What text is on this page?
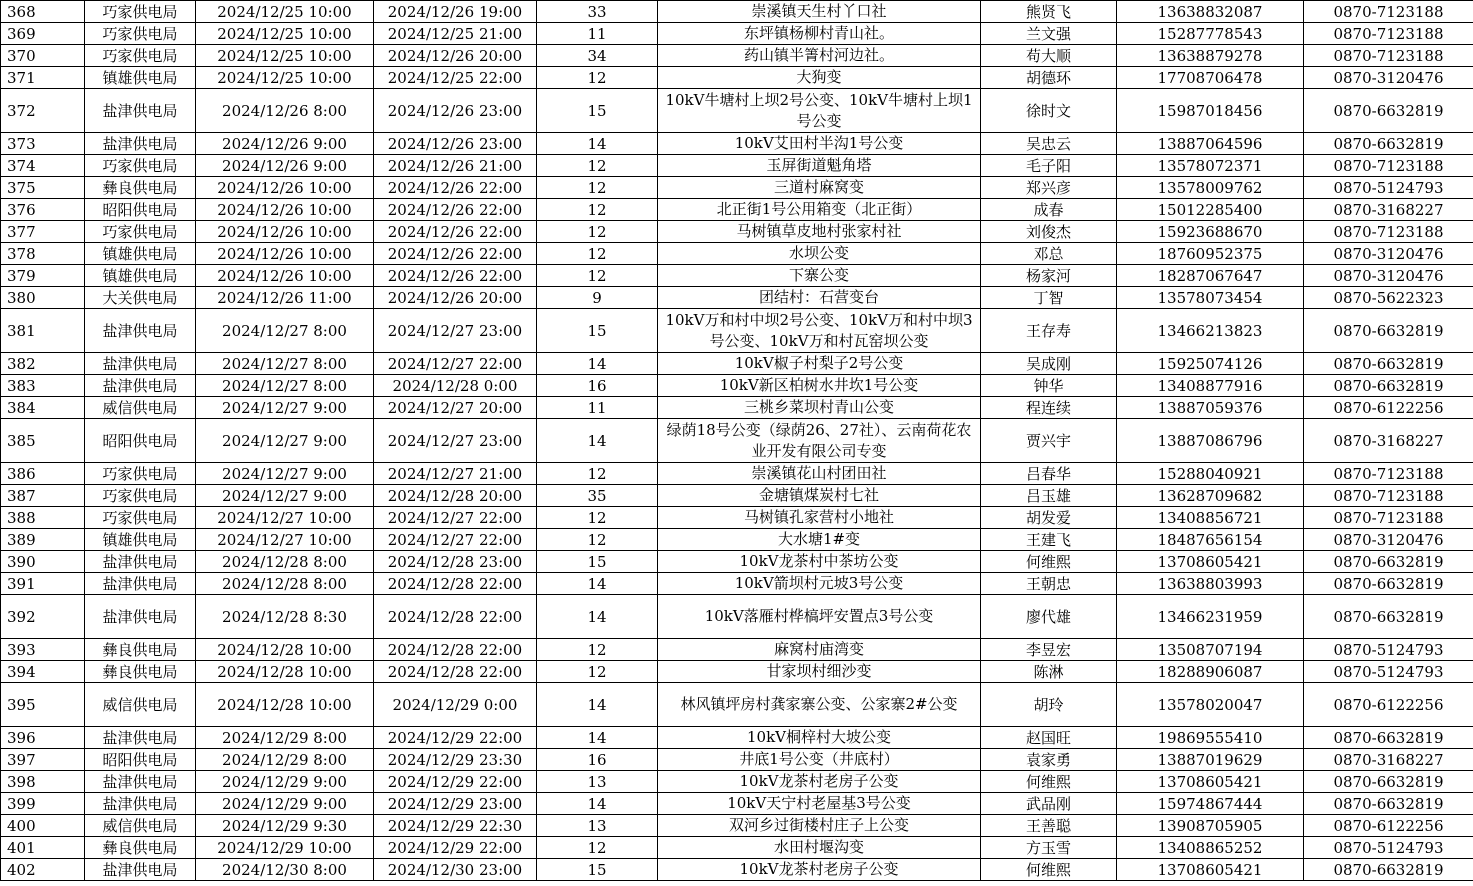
368	巧家供电局	2024/12/25 10:00	2024/12/26 19:00	33	崇溪镇天生村丫口社	熊贤飞	13638832087	0870-7123188
369	巧家供电局	2024/12/25 10:00	2024/12/25 21:00	11	东坪镇杨柳村青山社。	兰文强	15287778543	0870-7123188
370	巧家供电局	2024/12/25 10:00	2024/12/26 20:00	34	药山镇半箐村河边社。	苟大顺	13638879278	0870-7123188
371	镇雄供电局	2024/12/25 10:00	2024/12/25 22:00	12	大狗变	胡德环	17708706478	0870-3120476
372	盐津供电局	2024/12/26 8:00	2024/12/26 23:00	15	10kV牛塘村上坝2号公变、10kV牛塘村上坝1号公变	徐时文	15987018456	0870-6632819
373	盐津供电局	2024/12/26 9:00	2024/12/26 23:00	14	10kV艾田村半沟1号公变	吴忠云	13887064596	0870-6632819
374	巧家供电局	2024/12/26 9:00	2024/12/26 21:00	12	玉屏街道魁角塔	毛子阳	13578072371	0870-7123188
375	彝良供电局	2024/12/26 10:00	2024/12/26 22:00	12	三道村麻窝变	郑兴彦	13578009762	0870-5124793
376	昭阳供电局	2024/12/26 10:00	2024/12/26 22:00	12	北正街1号公用箱变（北正街）	成春	15012285400	0870-3168227
377	巧家供电局	2024/12/26 10:00	2024/12/26 22:00	12	马树镇草皮地村张家村社	刘俊杰	15923688670	0870-7123188
378	镇雄供电局	2024/12/26 10:00	2024/12/26 22:00	12	水坝公变	邓总	18760952375	0870-3120476
379	镇雄供电局	2024/12/26 10:00	2024/12/26 22:00	12	下寨公变	杨家河	18287067647	0870-3120476
380	大关供电局	2024/12/26 11:00	2024/12/26 20:00	9	团结村：石营变台	丁智	13578073454	0870-5622323
381	盐津供电局	2024/12/27 8:00	2024/12/27 23:00	15	10kV万和村中坝2号公变、10kV万和村中坝3号公变、10kV万和村瓦窑坝公变	王存寿	13466213823	0870-6632819
382	盐津供电局	2024/12/27 8:00	2024/12/27 22:00	14	10kV椒子村梨子2号公变	吴成刚	15925074126	0870-6632819
383	盐津供电局	2024/12/27 8:00	2024/12/28 0:00	16	10kV新区柏树水井坎1号公变	钟华	13408877916	0870-6632819
384	威信供电局	2024/12/27 9:00	2024/12/27 20:00	11	三桃乡菜坝村青山公变	程连续	13887059376	0870-6122256
385	昭阳供电局	2024/12/27 9:00	2024/12/27 23:00	14	绿荫18号公变（绿荫26、27社）、云南荷花农业开发有限公司专变	贾兴宇	13887086796	0870-3168227
386	巧家供电局	2024/12/27 9:00	2024/12/27 21:00	12	崇溪镇花山村团田社	吕春华	15288040921	0870-7123188
387	巧家供电局	2024/12/27 9:00	2024/12/28 20:00	35	金塘镇煤炭村七社	吕玉雄	13628709682	0870-7123188
388	巧家供电局	2024/12/27 10:00	2024/12/27 22:00	12	马树镇孔家营村小地社	胡发爱	13408856721	0870-7123188
389	镇雄供电局	2024/12/27 10:00	2024/12/27 22:00	12	大水塘1#变	王建飞	18487656154	0870-3120476
390	盐津供电局	2024/12/28 8:00	2024/12/28 23:00	15	10kV龙茶村中茶坊公变	何维熙	13708605421	0870-6632819
391	盐津供电局	2024/12/28 8:00	2024/12/28 22:00	14	10kV箭坝村元坡3号公变	王朝忠	13638803993	0870-6632819
392	盐津供电局	2024/12/28 8:30	2024/12/28 22:00	14	10kV落雁村桦槁坪安置点3号公变	廖代雄	13466231959	0870-6632819
393	彝良供电局	2024/12/28 10:00	2024/12/28 22:00	12	麻窝村庙湾变	李昱宏	13508707194	0870-5124793
394	彝良供电局	2024/12/28 10:00	2024/12/28 22:00	12	甘家坝村细沙变	陈淋	18288906087	0870-5124793
395	威信供电局	2024/12/28 10:00	2024/12/29 0:00	14	林风镇坪房村龚家寨公变、公家寨2#公变	胡玲	13578020047	0870-6122256
396	盐津供电局	2024/12/29 8:00	2024/12/29 22:00	14	10kV桐梓村大坡公变	赵国旺	19869555410	0870-6632819
397	昭阳供电局	2024/12/29 8:00	2024/12/29 23:30	16	井底1号公变（井底村）	袁家勇	13887019629	0870-3168227
398	盐津供电局	2024/12/29 9:00	2024/12/29 22:00	13	10kV龙茶村老房子公变	何维熙	13708605421	0870-6632819
399	盐津供电局	2024/12/29 9:00	2024/12/29 23:00	14	10kV天宁村老屋基3号公变	武品刚	15974867444	0870-6632819
400	威信供电局	2024/12/29 9:30	2024/12/29 22:30	13	双河乡过街楼村庄子上公变	王善聪	13908705905	0870-6122256
401	彝良供电局	2024/12/29 10:00	2024/12/29 22:00	12	水田村堰沟变	方玉雪	13408865252	0870-5124793
402	盐津供电局	2024/12/30 8:00	2024/12/30 23:00	15	10kV龙茶村老房子公变	何维熙	13708605421	0870-6632819
